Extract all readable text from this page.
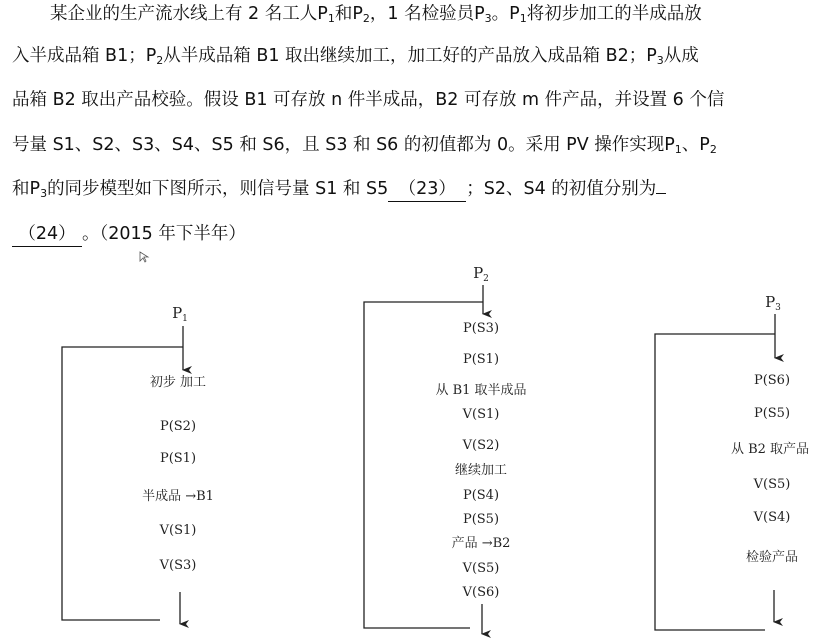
某企业的生产流水线上有 2 名工人$P_1$和$P_2$，1 名检验员$P_3$。$P_1$将初步加工的半成品放
入半成品箱 B1；$P_2$从半成品箱 B1 取出继续加工，加工好的产品放入成品箱 B2；$P_3$从成
品箱 B2 取出产品校验。假设 B1 可存放 n 件半成品，B2 可存放 m 件产品，并设置 6 个信
号量 S1、S2、S3、S4、S5 和 S6，且 S3 和 S6 的初值都为 0。采用 PV 操作实现$P_1$、$P_2$
和$P_3$的同步模型如下图所示，则信号量 S1 和 S5 （23） ；S2、S4 的初值分别为
（24） 。（2015 年下半年）
$P_1$
初步 加工
P(S2)
P(S1)
半成品 →B1
V(S1)
V(S3)
$P_2$
P(S3)
P(S1)
从 B1 取半成品
V(S1)
V(S2)
继续加工
P(S4)
P(S5)
产品 →B2
V(S5)
V(S6)
$P_3$
P(S6)
P(S5)
从 B2 取产品
V(S5)
V(S4)
检验产品
